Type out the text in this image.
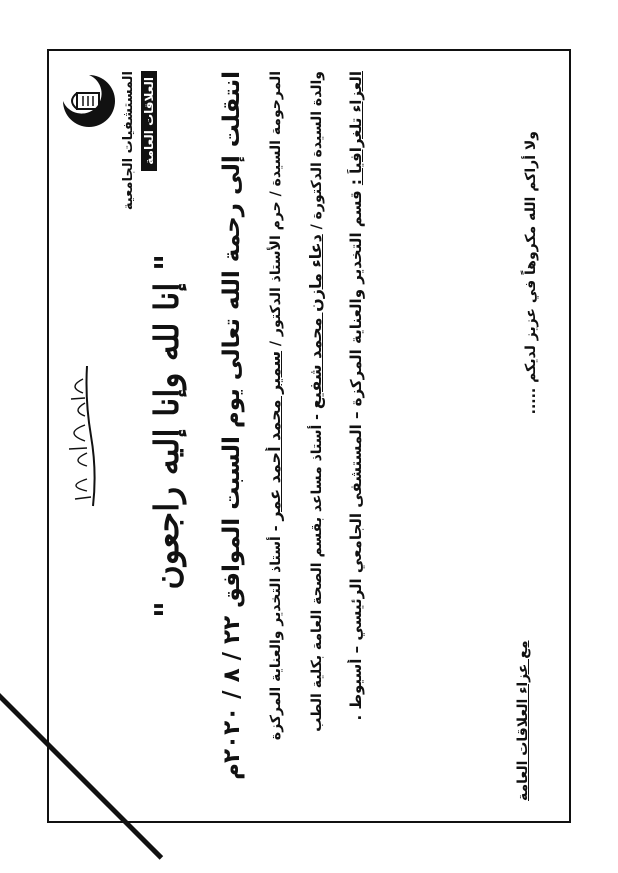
المستشفيات الجامعية العلاقات العامة
" إنا لله وإنا إليه راجعون "
انتقلت إلى رحمة الله تعالى يوم السبت الموافق ٢٢ / ٨ / ٢٠٢٠م المرحومة السيدة / حرم الأستاذ الدكتور / سمير محمد أحمد عمر - أستاذ التخدير والعناية المركزة
والدة السيدة الدكتورة / دعاء مازن محمد شفيع - أستاذ مساعد بقسم الصحة العامة بكلية الطب
العزاء تلغرافياً : قسم التخدير والعناية المركزة – المستشفى الجامعي الرئيسي – أسيوط .	ولا أراكم الله مكروهاً في عزيز لديكم .....
مع عزاء العلاقات العامة
